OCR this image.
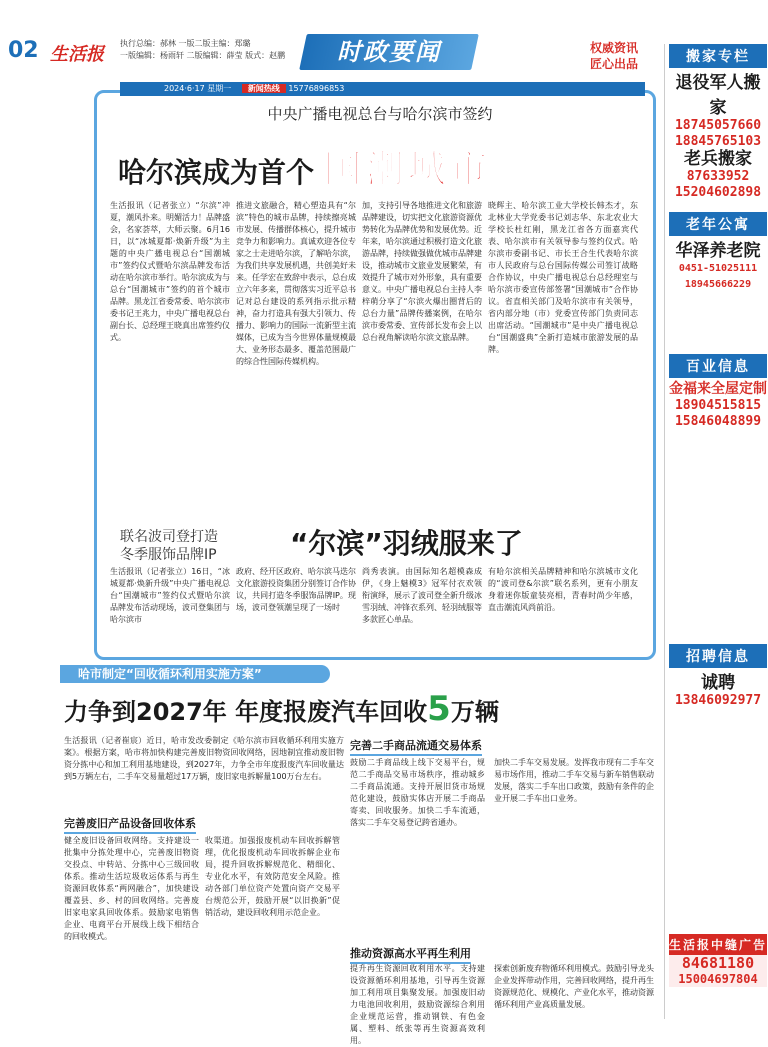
02 生活报
执行总编：郝林 一版二版主编：郑璐
一版编辑：杨雨轩 二版编辑：薛莹 版式：赵鹏	时政要闻	权威资讯
匠心出品
2024·6·17 星期一 新闻热线 15776896853
中央广播电视总台与哈尔滨市签约
哈尔滨成为首个 国潮城市
生活报讯（记者张立）“尔滨”冲夏，潮风扑来。明媚活力！品牌盛会，名家荟萃，大师云聚。6月16日，以“冰城夏都·焕新升级”为主题的中央广播电视总台“国潮城市”签约仪式暨哈尔滨品牌发布活动在哈尔滨市举行。哈尔滨成为与总台“国潮城市”签约的首个城市品牌。黑龙江省委常委、哈尔滨市委书记王兆力，中央广播电视总台副台长、总经理王晓真出席签约仪式。
推进文旅融合，精心塑造具有“尔滨”特色的城市品牌，持续擦亮城市发展、传播群体核心，提升城市竞争力和影响力。真诚欢迎各位专家之士走进哈尔滨，了解哈尔滨，为我们共享发展机遇，共创美好未来。任学宏在致辞中表示，总台成立六年多来，贯彻落实习近平总书记对总台建设的系列指示批示精神，奋力打造具有强大引领力、传播力、影响力的国际一流新型主流媒体，已成为当今世界体量规模最大、业务形态最多、覆盖范围最广的综合性国际传媒机构。
加，支持引导各地推进文化和旅游品牌建设，切实把文化旅游资源优势转化为品牌优势和发展优势。近年来，哈尔滨通过积极打造文化旅游品牌，持续做强做优城市品牌建设，推动城市文旅业发展繁荣，有效提升了城市对外形象，具有重要意义。中央广播电视总台主持人李梓萌分享了“尔滨火爆出圈背后的总台力量”品牌传播案例，在哈尔滨市委常委、宣传部长发布会上以总台视角解读哈尔滨文旅品牌。
晓辉主、哈尔滨工业大学校长韩杰才，东北林业大学党委书记刘志华、东北农业大学校长杜红刚，黑龙江省各方面嘉宾代表、哈尔滨市有关领导参与签约仪式。哈尔滨市委副书记、市长王合生代表哈尔滨市人民政府与总台国际传媒公司签订战略合作协议，中央广播电视总台总经理室与哈尔滨市委宣传部签署“国潮城市”合作协议。省直相关部门及哈尔滨市有关领导，省内部分地（市）党委宣传部门负责同志出席活动。“国潮城市”是中央广播电视总台“国潮盛典”全新打造城市旅游发展的品牌。
联名波司登打造
冬季服饰品牌IP	“尔滨”羽绒服来了
生活报讯（记者张立）16日，“冰城夏都·焕新升级”中央广播电视总台“国潮城市”签约仪式暨哈尔滨品牌发布活动现场，波司登集团与哈尔滨市
政府、经开区政府、哈尔滨马迭尔文化旅游投资集团分别签订合作协议，共同打造冬季服饰品牌IP。现场，波司登领潮呈现了一场时
尚秀表演。由国际知名超模森成伊，《身上魅模3》冠军付衣欢领衔演绎，展示了波司登全新升级冰雪羽绒、冲锋衣系列、轻羽绒服等多款匠心单品。
有哈尔滨相关品牌精神和哈尔滨城市文化的“波司登&尔滨”联名系列，更有小朋友身着迷你版童装亮相，青春时尚少年感，直击潮流风尚前沿。
哈市制定“回收循环利用实施方案”
力争到2027年 年度报废汽车回收5万辆
生活报讯（记者崔宸）近日，哈市发改委制定《哈尔滨市回收循环利用实施方案》。根据方案，哈市将加快构建完善废旧物资回收网络，因地制宜推动废旧物资分拣中心和加工利用基地建设，到2027年，力争全市年度报废汽车回收量达到5万辆左右，二手车交易量超过17万辆，废旧家电拆解量100万台左右。
完善废旧产品设备回收体系
健全废旧设备回收网络。支持建设一批集中分拣处理中心，完善废旧物资交投点、中转站、分拣中心三级回收体系。推动生活垃圾收运体系与再生资源回收体系“两网融合”，加快建设覆盖县、乡、村的回收网络。完善废旧家电家具回收体系。鼓励家电销售企业、电商平台开展线上线下相结合的回收模式。
收渠道。加强报废机动车回收拆解管理，优化报废机动车回收拆解企业布局，提升回收拆解规范化、精细化、专业化水平，有效防范安全风险。推动各部门单位资产处置向资产交易平台规范公开，鼓励开展“以旧换新”促销活动，建设回收利用示范企业。
完善二手商品流通交易体系
鼓励二手商品线上线下交易平台，规范二手商品交易市场秩序，推动城乡二手商品流通。支持开展旧货市场规范化建设，鼓励实体店开展二手商品寄卖、回收服务。加快二手车流通，落实二手车交易登记跨省通办。
加快二手车交易发展。发挥我市现有二手车交易市场作用，推动二手车交易与新车销售联动发展，落实二手车出口政策，鼓励有条件的企业开展二手车出口业务。
推动资源高水平再生利用
提升再生资源回收利用水平。支持建设资源循环利用基地，引导再生资源加工利用项目集聚发展。加强废旧动力电池回收利用，鼓励资源综合利用企业规范运营，推动钢铁、有色金属、塑料、纸张等再生资源高效利用。
探索创新废弃物循环利用模式。鼓励引导龙头企业发挥带动作用，完善回收网络，提升再生资源规范化、规模化、产业化水平，推动资源循环利用产业高质量发展。
搬家专栏
退役军人搬家
18745057660
18845765103
老兵搬家
87633952
15204602898
老年公寓
华泽养老院
0451-51025111
18945666229
百业信息
金福来全屋定制
18904515815
15846048899
招聘信息
诚聘
13846092977
生活报中缝广告
84681180
15004697804
